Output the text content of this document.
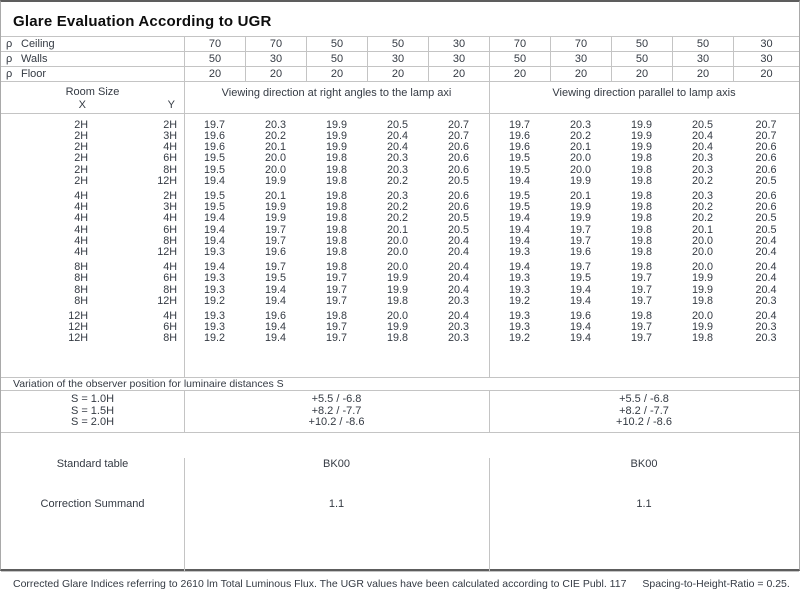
Glare Evaluation According to UGR
ρ Ceiling	70	70	50	50	30	70	70	50	50	30
ρ Walls	50	30	50	30	30	50	30	50	30	30
ρ Floor	20	20	20	20	20	20	20	20	20	20
Room Size
X	Y
Viewing direction at right angles to the lamp axi	Viewing direction parallel to lamp axis
2H	2H	19.7	20.3	19.9	20.5	20.7	19.7	20.3	19.9	20.5	20.7
2H	3H	19.6	20.2	19.9	20.4	20.7	19.6	20.2	19.9	20.4	20.7
2H	4H	19.6	20.1	19.9	20.4	20.6	19.6	20.1	19.9	20.4	20.6
2H	6H	19.5	20.0	19.8	20.3	20.6	19.5	20.0	19.8	20.3	20.6
2H	8H	19.5	20.0	19.8	20.3	20.6	19.5	20.0	19.8	20.3	20.6
2H	12H	19.4	19.9	19.8	20.2	20.5	19.4	19.9	19.8	20.2	20.5
4H	2H	19.5	20.1	19.8	20.3	20.6	19.5	20.1	19.8	20.3	20.6
4H	3H	19.5	19.9	19.8	20.2	20.6	19.5	19.9	19.8	20.2	20.6
4H	4H	19.4	19.9	19.8	20.2	20.5	19.4	19.9	19.8	20.2	20.5
4H	6H	19.4	19.7	19.8	20.1	20.5	19.4	19.7	19.8	20.1	20.5
4H	8H	19.4	19.7	19.8	20.0	20.4	19.4	19.7	19.8	20.0	20.4
4H	12H	19.3	19.6	19.8	20.0	20.4	19.3	19.6	19.8	20.0	20.4
8H	4H	19.4	19.7	19.8	20.0	20.4	19.4	19.7	19.8	20.0	20.4
8H	6H	19.3	19.5	19.7	19.9	20.4	19.3	19.5	19.7	19.9	20.4
8H	8H	19.3	19.4	19.7	19.9	20.4	19.3	19.4	19.7	19.9	20.4
8H	12H	19.2	19.4	19.7	19.8	20.3	19.2	19.4	19.7	19.8	20.3
12H	4H	19.3	19.6	19.8	20.0	20.4	19.3	19.6	19.8	20.0	20.4
12H	6H	19.3	19.4	19.7	19.9	20.3	19.3	19.4	19.7	19.9	20.3
12H	8H	19.2	19.4	19.7	19.8	20.3	19.2	19.4	19.7	19.8	20.3
Variation of the observer position for luminaire distances S
S = 1.0H	+5.5 / -6.8	+5.5 / -6.8
S = 1.5H	+8.2 / -7.7	+8.2 / -7.7
S = 2.0H	+10.2 / -8.6	+10.2 / -8.6
Standard table	BK00	BK00
Correction Summand	1.1	1.1
Corrected Glare Indices referring to 2610 lm Total Luminous Flux. The UGR values have been calculated according to CIE Publ. 117 Spacing-to-Height-Ratio = 0.25.
